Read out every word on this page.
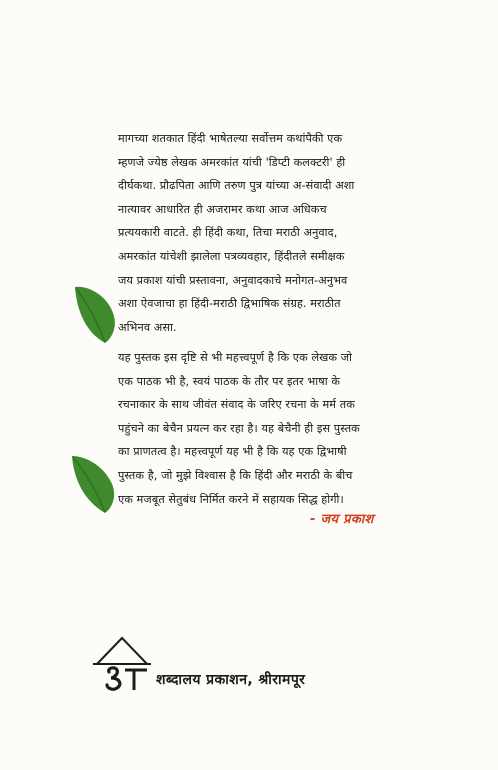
मागच्या शतकात हिंदी भाषेतल्या सर्वोत्तम कथांपैकी एक
म्हणजे ज्येष्ठ लेखक अमरकांत यांची 'डिप्टी कलक्टरी' ही
दीर्घकथा. प्रौढपिता आणि तरुण पुत्र यांच्या अ-संवादी अशा
नात्यावर आधारित ही अजरामर कथा आज अधिकच
प्रत्ययकारी वाटते. ही हिंदी कथा, तिचा मराठी अनुवाद,
अमरकांत यांचेशी झालेला पत्रव्यवहार, हिंदीतले समीक्षक
जय प्रकाश यांची प्रस्तावना, अनुवादकाचे मनोगत-अनुभव
अशा ऐवजाचा हा हिंदी-मराठी द्विभाषिक संग्रह. मराठीत
अभिनव असा.

यह पुस्तक इस दृष्टि से भी महत्त्वपूर्ण है कि एक लेखक जो
एक पाठक भी है, स्वयं पाठक के तौर पर इतर भाषा के
रचनाकार के साथ जीवंत संवाद के जरिए रचना के मर्म तक
पहुंचने का बेचैन प्रयत्न कर रहा है। यह बेचैनी ही इस पुस्तक
का प्राणतत्व है। महत्त्वपूर्ण यह भी है कि यह एक द्विभाषी
पुस्तक है, जो मुझे विश्वास है कि हिंदी और मराठी के बीच
एक मजबूत सेतुबंध निर्मित करने में सहायक सिद्ध होगी।

- जय प्रकाश
शब्दालय प्रकाशन, श्रीरामपूर
